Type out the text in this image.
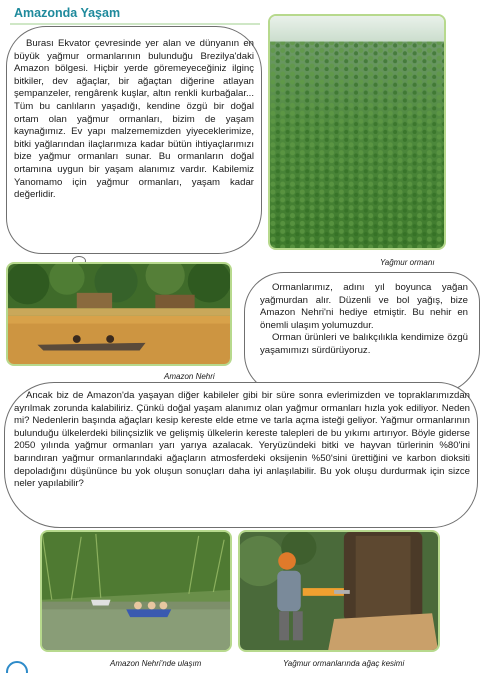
Amazonda Yaşam

Burası Ekvator çevresinde yer alan ve dünyanın en büyük yağmur ormanlarının bulunduğu Brezilya'daki Amazon bölgesi. Hiçbir yerde göremeyeceğiniz ilginç bitkiler, dev ağaçlar, bir ağaçtan diğerine atlayan şempanzeler, rengârenk kuşlar, altın renkli kurbağalar... Tüm bu canlıların yaşadığı, kendine özgü bir doğal ortam olan yağmur ormanları, bizim de yaşam kaynağımız. Ev yapı malzememizden yiyeceklerimize, bitki yağlarından ilaçlarımıza kadar bütün ihtiyaçlarımızı bize yağmur ormanları sunar. Bu ormanların doğal ortamına uygun bir yaşam alanımız vardır. Kabilemiz Yanomamo için yağmur ormanları, yaşam kadar değerlidir.

Yağmur ormanı
Amazon Nehri

Ormanlarımız, adını yıl boyunca yağan yağmurdan alır. Düzenli ve bol yağış, bize Amazon Nehri'ni hediye etmiştir. Bu nehir en önemli ulaşım yolumuzdur.

Orman ürünleri ve balıkçılıkla kendimize özgü yaşamımızı sürdürüyoruz.

Ancak biz de Amazon'da yaşayan diğer kabileler gibi bir süre sonra evlerimizden ve topraklarımızdan ayrılmak zorunda kalabiliriz. Çünkü doğal yaşam alanımız olan yağmur ormanları hızla yok ediliyor. Neden mi? Nedenlerin başında ağaçları kesip kereste elde etme ve tarla açma isteği geliyor. Yağmur ormanlarının bulunduğu ülkelerdeki bilinçsizlik ve gelişmiş ülkelerin kereste talepleri de bu yıkımı artırıyor. Böyle giderse 2050 yılında yağmur ormanları yarı yarıya azalacak. Yeryüzündeki bitki ve hayvan türlerinin %80'ini barındıran yağmur ormanlarındaki ağaçların atmosferdeki oksijenin %50'sini ürettiğini ve karbon dioksiti depoladığını düşününce bu yok oluşun sonuçları daha iyi anlaşılabilir. Bu yok oluşu durdurmak için sizce neler yapılabilir?

Amazon Nehri'nde ulaşım	Yağmur ormanlarında ağaç kesimi
